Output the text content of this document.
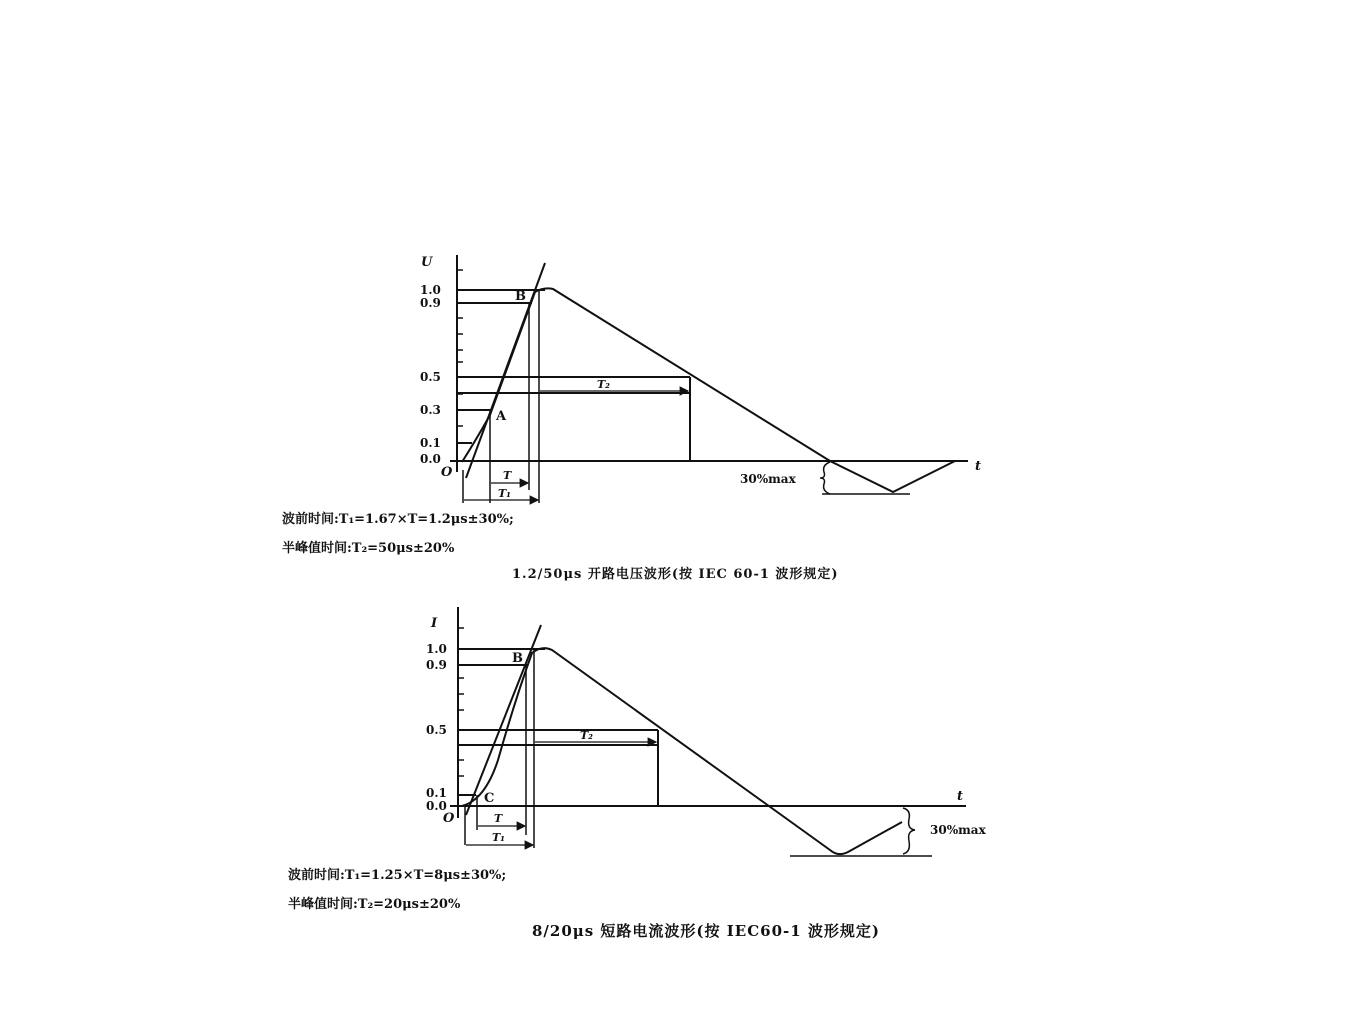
U
t
O
1.0
0.9
0.5
0.3
0.1
0.0
A
B
T
T₁
T₂
30%max
I
t
O
1.0
0.9
0.5
0.1
0.0
B
C
T
T₁
T₂
30%max
波前时间:T₁=1.67×T=1.2μs±30%;
半峰值时间:T₂=50μs±20%
1.2/50μs 开路电压波形(按 IEC 60-1 波形规定)
波前时间:T₁=1.25×T=8μs±30%;
半峰值时间:T₂=20μs±20%
8/20μs 短路电流波形(按 IEC60-1 波形规定)
